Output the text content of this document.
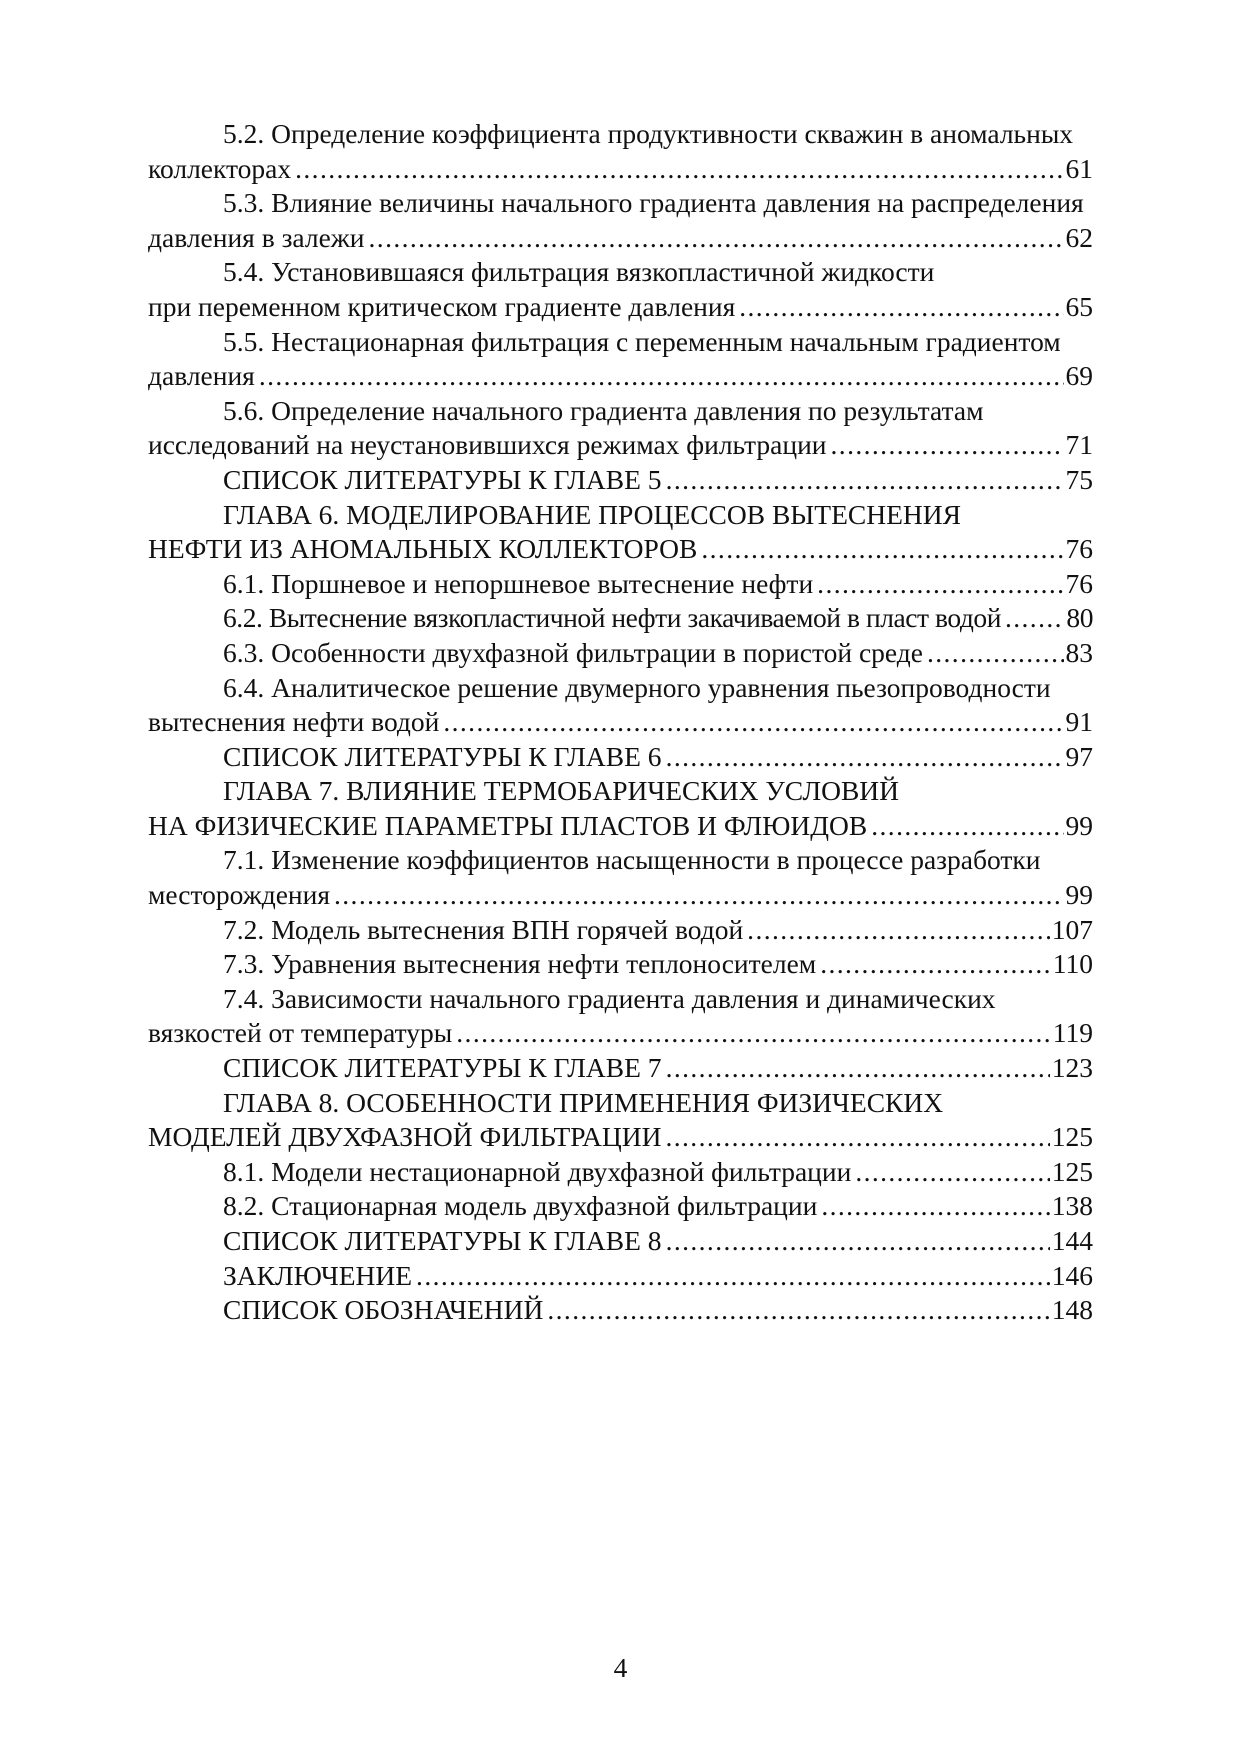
5.2. Определение коэффициента продуктивности скважин в аномальных
коллекторах .....	61
5.3. Влияние величины начального градиента давления на распределения
давления в залежи .....	62
5.4. Установившаяся фильтрация вязкопластичной жидкости
при переменном критическом градиенте давления .....	65
5.5. Нестационарная фильтрация с переменным начальным градиентом
давления .....	69
5.6. Определение начального градиента давления по результатам
исследований на неустановившихся режимах фильтрации .....	71
СПИСОК ЛИТЕРАТУРЫ К ГЛАВЕ 5 .....	75
ГЛАВА 6. МОДЕЛИРОВАНИЕ ПРОЦЕССОВ ВЫТЕСНЕНИЯ
НЕФТИ ИЗ АНОМАЛЬНЫХ КОЛЛЕКТОРОВ .....	76
6.1. Поршневое и непоршневое вытеснение нефти .....	76
6.2. Вытеснение вязкопластичной нефти закачиваемой в пласт водой ..... 80
6.3. Особенности двухфазной фильтрации в пористой среде .....	83
6.4. Аналитическое решение двумерного уравнения пьезопроводности
вытеснения нефти водой .....	91
СПИСОК ЛИТЕРАТУРЫ К ГЛАВЕ 6 .....	97
ГЛАВА 7. ВЛИЯНИЕ ТЕРМОБАРИЧЕСКИХ УСЛОВИЙ
НА ФИЗИЧЕСКИЕ ПАРАМЕТРЫ ПЛАСТОВ И ФЛЮИДОВ .....	99
7.1. Изменение коэффициентов насыщенности в процессе разработки
месторождения .....	99
7.2. Модель вытеснения ВПН горячей водой .....	107
7.3. Уравнения вытеснения нефти теплоносителем .....	110
7.4. Зависимости начального градиента давления и динамических
вязкостей от температуры .....	119
СПИСОК ЛИТЕРАТУРЫ К ГЛАВЕ 7 .....	123
ГЛАВА 8. ОСОБЕННОСТИ ПРИМЕНЕНИЯ ФИЗИЧЕСКИХ
МОДЕЛЕЙ ДВУХФАЗНОЙ ФИЛЬТРАЦИИ .....	125
8.1. Модели нестационарной двухфазной фильтрации .....	125
8.2. Стационарная модель двухфазной фильтрации .....	138
СПИСОК ЛИТЕРАТУРЫ К ГЛАВЕ 8 .....	144
ЗАКЛЮЧЕНИЕ .....	146
СПИСОК ОБОЗНАЧЕНИЙ .....	148
4
